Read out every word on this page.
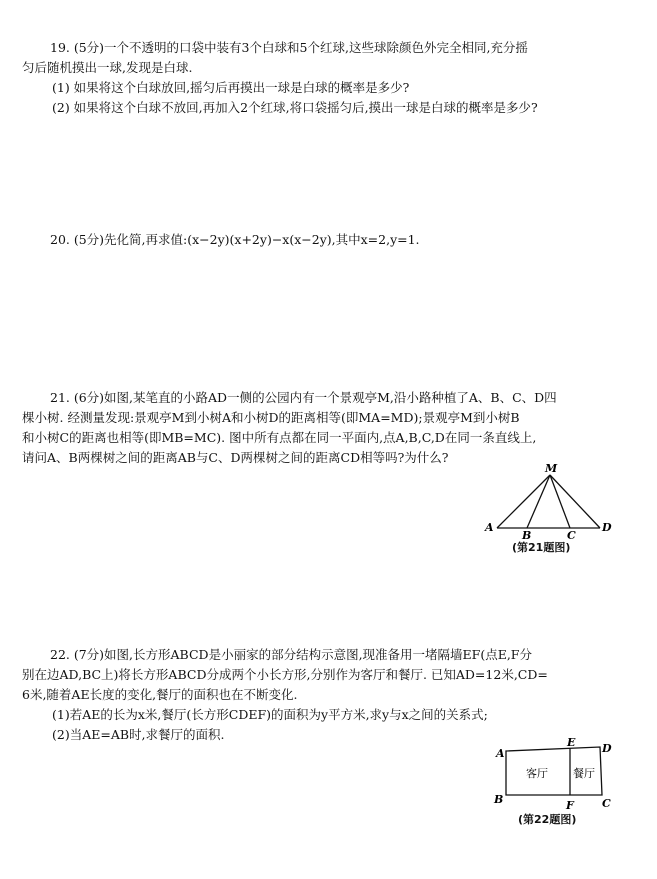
19. (5分)一个不透明的口袋中装有3个白球和5个红球,这些球除颜色外完全相同,充分摇
匀后随机摸出一球,发现是白球.
(1) 如果将这个白球放回,摇匀后再摸出一球是白球的概率是多少?
(2) 如果将这个白球不放回,再加入2个红球,将口袋摇匀后,摸出一球是白球的概率是多少?
20. (5分)先化简,再求值:(x−2y)(x+2y)−x(x−2y),其中x=2,y=1.
21. (6分)如图,某笔直的小路AD一侧的公园内有一个景观亭M,沿小路种植了A、B、C、D四
棵小树. 经测量发现:景观亭M到小树A和小树D的距离相等(即MA=MD);景观亭M到小树B
和小树C的距离也相等(即MB=MC). 图中所有点都在同一平面内,点A,B,C,D在同一条直线上,
请问A、B两棵树之间的距离AB与C、D两棵树之间的距离CD相等吗?为什么?
M
A
B	C
D
(第21题图)
22. (7分)如图,长方形ABCD是小丽家的部分结构示意图,现准备用一堵隔墙EF(点E,F分
别在边AD,BC上)将长方形ABCD分成两个小长方形,分别作为客厅和餐厅. 已知AD=12米,CD=
6米,随着AE长度的变化,餐厅的面积也在不断变化.
(1)若AE的长为x米,餐厅(长方形CDEF)的面积为y平方米,求y与x之间的关系式;
(2)当AE=AB时,求餐厅的面积.
A
B	C
D
E
F
客厅 餐厅
(第22题图)
